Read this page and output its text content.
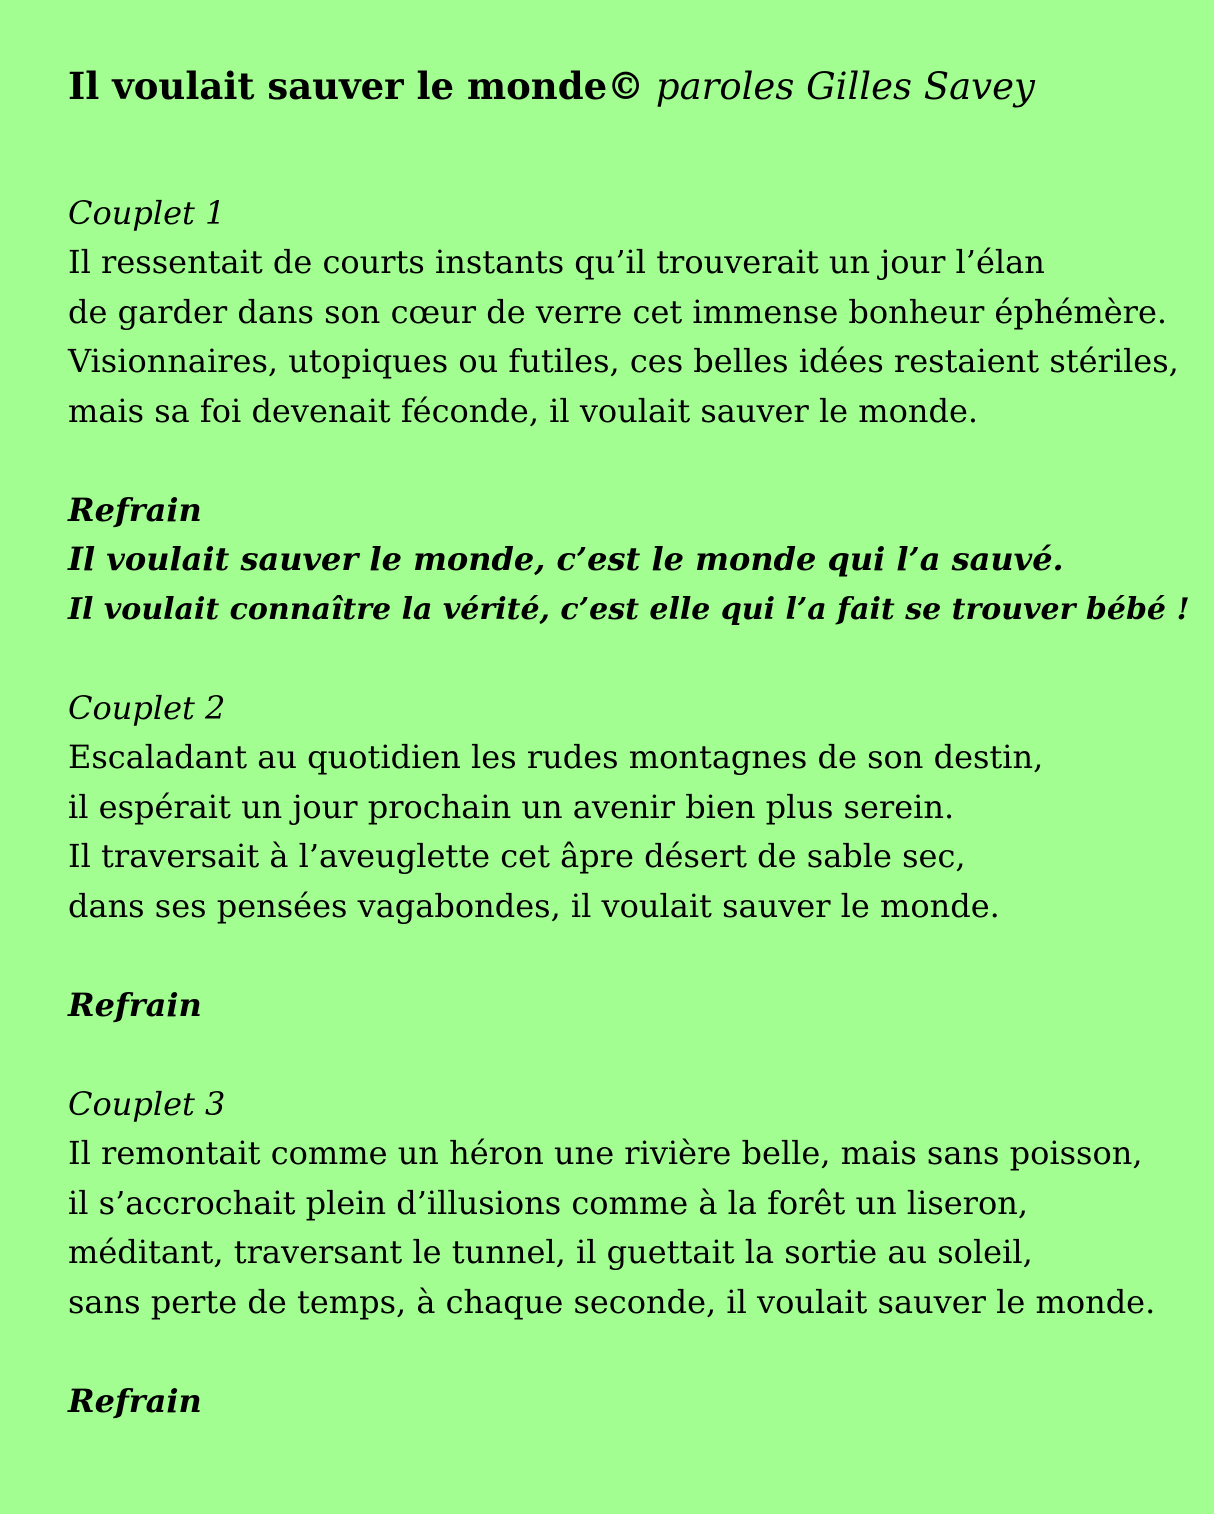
Il voulait sauver le monde© paroles Gilles Savey

Couplet 1

Il ressentait de courts instants qu’il trouverait un jour l’élan

de garder dans son cœur de verre cet immense bonheur éphémère.

Visionnaires, utopiques ou futiles, ces belles idées restaient stériles,

mais sa foi devenait féconde, il voulait sauver le monde.

Refrain

Il voulait sauver le monde, c’est le monde qui l’a sauvé.

Il voulait connaître la vérité, c’est elle qui l’a fait se trouver bébé !

Couplet 2

Escaladant au quotidien les rudes montagnes de son destin,

il espérait un jour prochain un avenir bien plus serein.

Il traversait à l’aveuglette cet âpre désert de sable sec,

dans ses pensées vagabondes, il voulait sauver le monde.

Refrain

Couplet 3

Il remontait comme un héron une rivière belle, mais sans poisson,

il s’accrochait plein d’illusions comme à la forêt un liseron,

méditant, traversant le tunnel, il guettait la sortie au soleil,

sans perte de temps, à chaque seconde, il voulait sauver le monde.

Refrain
